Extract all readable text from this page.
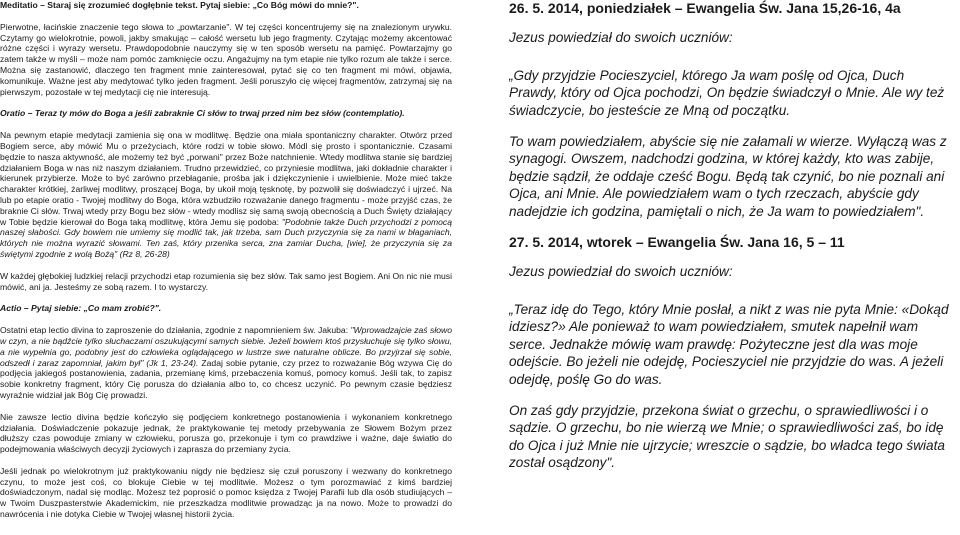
Meditatio – Staraj się zrozumieć dogłębnie tekst. Pytaj siebie: „Co Bóg mówi do mnie?".

Pierwotne, łacińskie znaczenie tego słowa to „powtarzanie". W tej części koncentrujemy się na znalezionym urywku. Czytamy go wielokrotnie, powoli, jakby smakując – całość wersetu lub jego fragmenty. Czytając możemy akcentować różne części i wyrazy wersetu. Prawdopodobnie nauczymy się w ten sposób wersetu na pamięć. Powtarzajmy go zatem także w myśli – może nam pomóc zamknięcie oczu. Angażujmy na tym etapie nie tylko rozum ale także i serce. Można się zastanowić, dlaczego ten fragment mnie zainteresował, pytać się co ten fragment mi mówi, objawia, komunikuje. Ważne jest aby medytować tylko jeden fragment. Jeśli poruszyło cię więcej fragmentów, zatrzymaj się na pierwszym, pozostałe w tej medytacji cię nie interesują.

Oratio – Teraz ty mów do Boga a jeśli zabraknie Ci słów to trwaj przed nim bez słów (contemplatio).

Na pewnym etapie medytacji zamienia się ona w modlitwę. Będzie ona miała spontaniczny charakter. Otwórz przed Bogiem serce, aby mówić Mu o przeżyciach, które rodzi w tobie słowo. Módl się prosto i spontanicznie. Czasami będzie to nasza aktywność, ale możemy też być „porwani" przez Boże natchnienie. Wtedy modlitwa stanie się bardziej działaniem Boga w nas niż naszym działaniem. Trudno przewidzieć, co przyniesie modlitwa, jaki dokładnie charakter i kierunek przybierze. Może to być zarówno przebłaganie, prośba jak i dziękczynienie i uwielbienie. Może mieć także charakter krótkiej, żarliwej modlitwy, proszącej Boga, by ukoił moją tęsknotę, by pozwolił się doświadczyć i ujrzeć. Na lub po etapie oratio - Twojej modlitwy do Boga, która wzbudziło rozważanie danego fragmentu - może przyjść czas, że braknie Ci słów. Trwaj wtedy przy Bogu bez słów - wtedy modlisz się samą swoją obecnością a Duch Święty działający w Tobie będzie kierował do Boga taką modlitwę, która Jemu się podoba: "Podobnie także Duch przychodzi z pomocą naszej słabości. Gdy bowiem nie umiemy się modlić tak, jak trzeba, sam Duch przyczynia się za nami w błaganiach, których nie można wyrazić słowami. Ten zaś, który przenika serca, zna zamiar Ducha, [wie], że przyczynia się za świętymi zgodnie z wolą Bożą" (Rz 8, 26-28)

W każdej głębokiej ludzkiej relacji przychodzi etap rozumienia się bez słów. Tak samo jest Bogiem. Ani On nic nie musi mówić, ani ja. Jesteśmy ze sobą razem. I to wystarczy.

Actio – Pytaj siebie: „Co mam zrobić?".

Ostatni etap lectio divina to zaproszenie do działania, zgodnie z napomnieniem św. Jakuba: "Wprowadzajcie zaś słowo w czyn, a nie bądźcie tylko słuchaczami oszukującymi samych siebie. Jeżeli bowiem ktoś przysłuchuje się tylko słowu, a nie wypełnia go, podobny jest do człowieka oglądającego w lustrze swe naturalne oblicze. Bo przyjrzał się sobie, odszedł i zaraz zapomniał, jakim był" (Jk 1, 23-24). Zadaj sobie pytanie, czy przez to rozważanie Bóg wzywa Cię do podjęcia jakiegoś postanowienia, zadania, przemianę kimś, przebaczenia komuś, pomocy komuś. Jeśli tak, to zapisz sobie konkretny fragment, który Cię porusza do działania albo to, co chcesz uczynić. Po pewnym czasie będziesz wyraźnie widział jak Bóg Cię prowadzi.

Nie zawsze lectio divina będzie kończyło się podjęciem konkretnego postanowienia i wykonaniem konkretnego działania. Doświadczenie pokazuje jednak, że praktykowanie tej metody przebywania ze Słowem Bożym przez dłuższy czas powoduje zmiany w człowieku, porusza go, przekonuje i tym co prawdziwe i ważne, daje światło do podejmowania właściwych decyzji życiowych i zaprasza do przemiany życia.

Jeśli jednak po wielokrotnym już praktykowaniu nigdy nie będziesz się czuł poruszony i wezwany do konkretnego czynu, to może jest coś, co blokuje Ciebie w tej modlitwie. Możesz o tym porozmawiać z kimś bardziej doświadczonym, nadal się modląc. Możesz też poprosić o pomoc księdza z Twojej Parafii lub dla osób studiujących – w Twoim Duszpasterstwie Akademickim, nie przeszkadza modlitwie prowadząc ja na nowo. Może to prowadzi do nawrócenia i nie dotyka Ciebie w Twojej własnej historii życia.

26. 5. 2014, poniedziałek – Ewangelia Św. Jana 15,26-16, 4a

Jezus powiedział do swoich uczniów:

„Gdy przyjdzie Pocieszyciel, którego Ja wam poślę od Ojca, Duch Prawdy, który od Ojca pochodzi, On będzie świadczył o Mnie. Ale wy też świadczycie, bo jesteście ze Mną od początku.

To wam powiedziałem, abyście się nie załamali w wierze. Wyłączą was z synagogi. Owszem, nadchodzi godzina, w której każdy, kto was zabije, będzie sądził, że oddaje cześć Bogu. Będą tak czynić, bo nie poznali ani Ojca, ani Mnie. Ale powiedziałem wam o tych rzeczach, abyście gdy nadejdzie ich godzina, pamiętali o nich, że Ja wam to powiedziałem".

27. 5. 2014, wtorek – Ewangelia Św. Jana 16, 5 – 11

Jezus powiedział do swoich uczniów:

„Teraz idę do Tego, który Mnie posłał, a nikt z was nie pyta Mnie: «Dokąd idziesz?» Ale ponieważ to wam powiedziałem, smutek napełnił wam serce. Jednakże mówię wam prawdę: Pożyteczne jest dla was moje odejście. Bo jeżeli nie odejdę, Pocieszyciel nie przyjdzie do was. A jeżeli odejdę, poślę Go do was.

On zaś gdy przyjdzie, przekona świat o grzechu, o sprawiedliwości i o sądzie. O grzechu, bo nie wierzą we Mnie; o sprawiedliwości zaś, bo idę do Ojca i już Mnie nie ujrzycie; wreszcie o sądzie, bo władca tego świata został osądzony".
